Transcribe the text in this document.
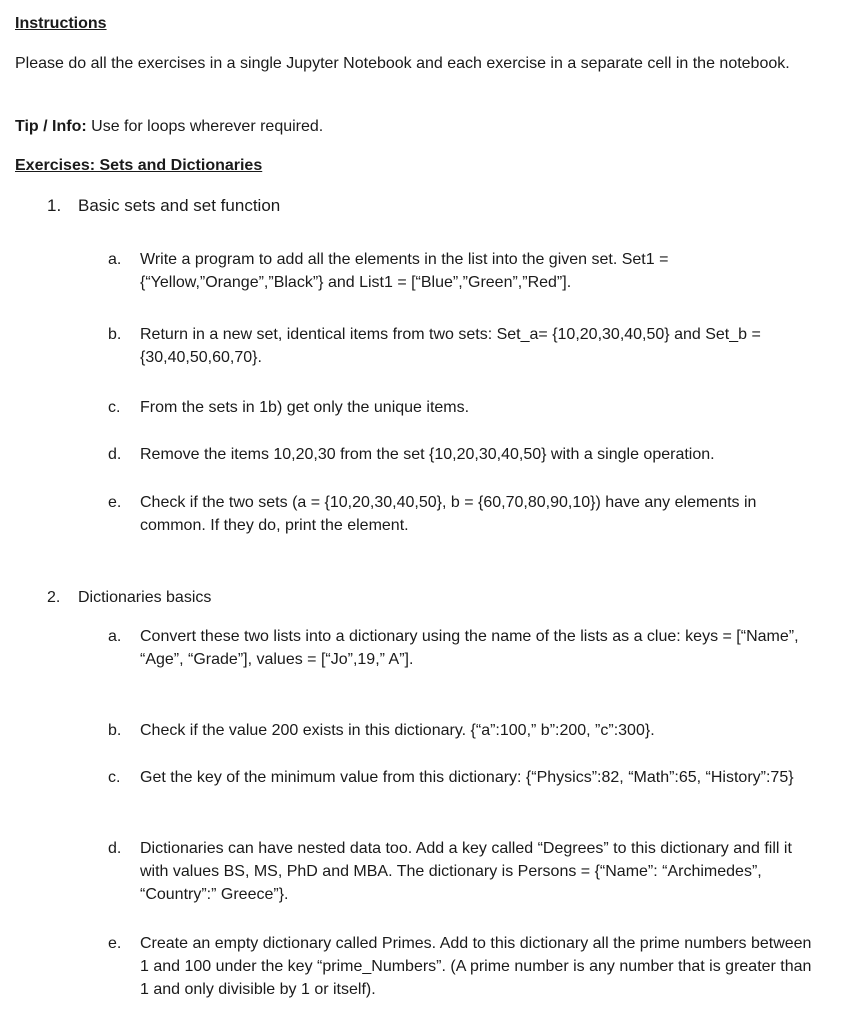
Instructions
Please do all the exercises in a single Jupyter Notebook and each exercise in a separate cell in the notebook.
Tip / Info: Use for loops wherever required.
Exercises: Sets and Dictionaries
1. Basic sets and set function
a.	Write a program to add all the elements in the list into the given set. Set1 = {“Yellow,”Orange”,”Black”} and List1 = [“Blue”,”Green”,”Red”].
b.	Return in a new set, identical items from two sets: Set_a= {10,20,30,40,50} and Set_b = {30,40,50,60,70}.
c.	From the sets in 1b) get only the unique items.
d.	Remove the items 10,20,30 from the set {10,20,30,40,50} with a single operation.
e.	Check if the two sets (a = {10,20,30,40,50}, b = {60,70,80,90,10}) have any elements in common. If they do, print the element.
2. Dictionaries basics
a.	Convert these two lists into a dictionary using the name of the lists as a clue: keys = [“Name”, “Age”, “Grade”], values = [“Jo”,19,” A”].
b.	Check if the value 200 exists in this dictionary. {“a”:100,” b”:200, ”c”:300}.
c.	Get the key of the minimum value from this dictionary: {“Physics”:82, “Math”:65, “History”:75}
d.	Dictionaries can have nested data too. Add a key called “Degrees” to this dictionary and fill it with values BS, MS, PhD and MBA. The dictionary is Persons = {“Name”: “Archimedes”, “Country”:” Greece”}.
e.	Create an empty dictionary called Primes. Add to this dictionary all the prime numbers between 1 and 100 under the key “prime_Numbers”. (A prime number is any number that is greater than 1 and only divisible by 1 or itself).
